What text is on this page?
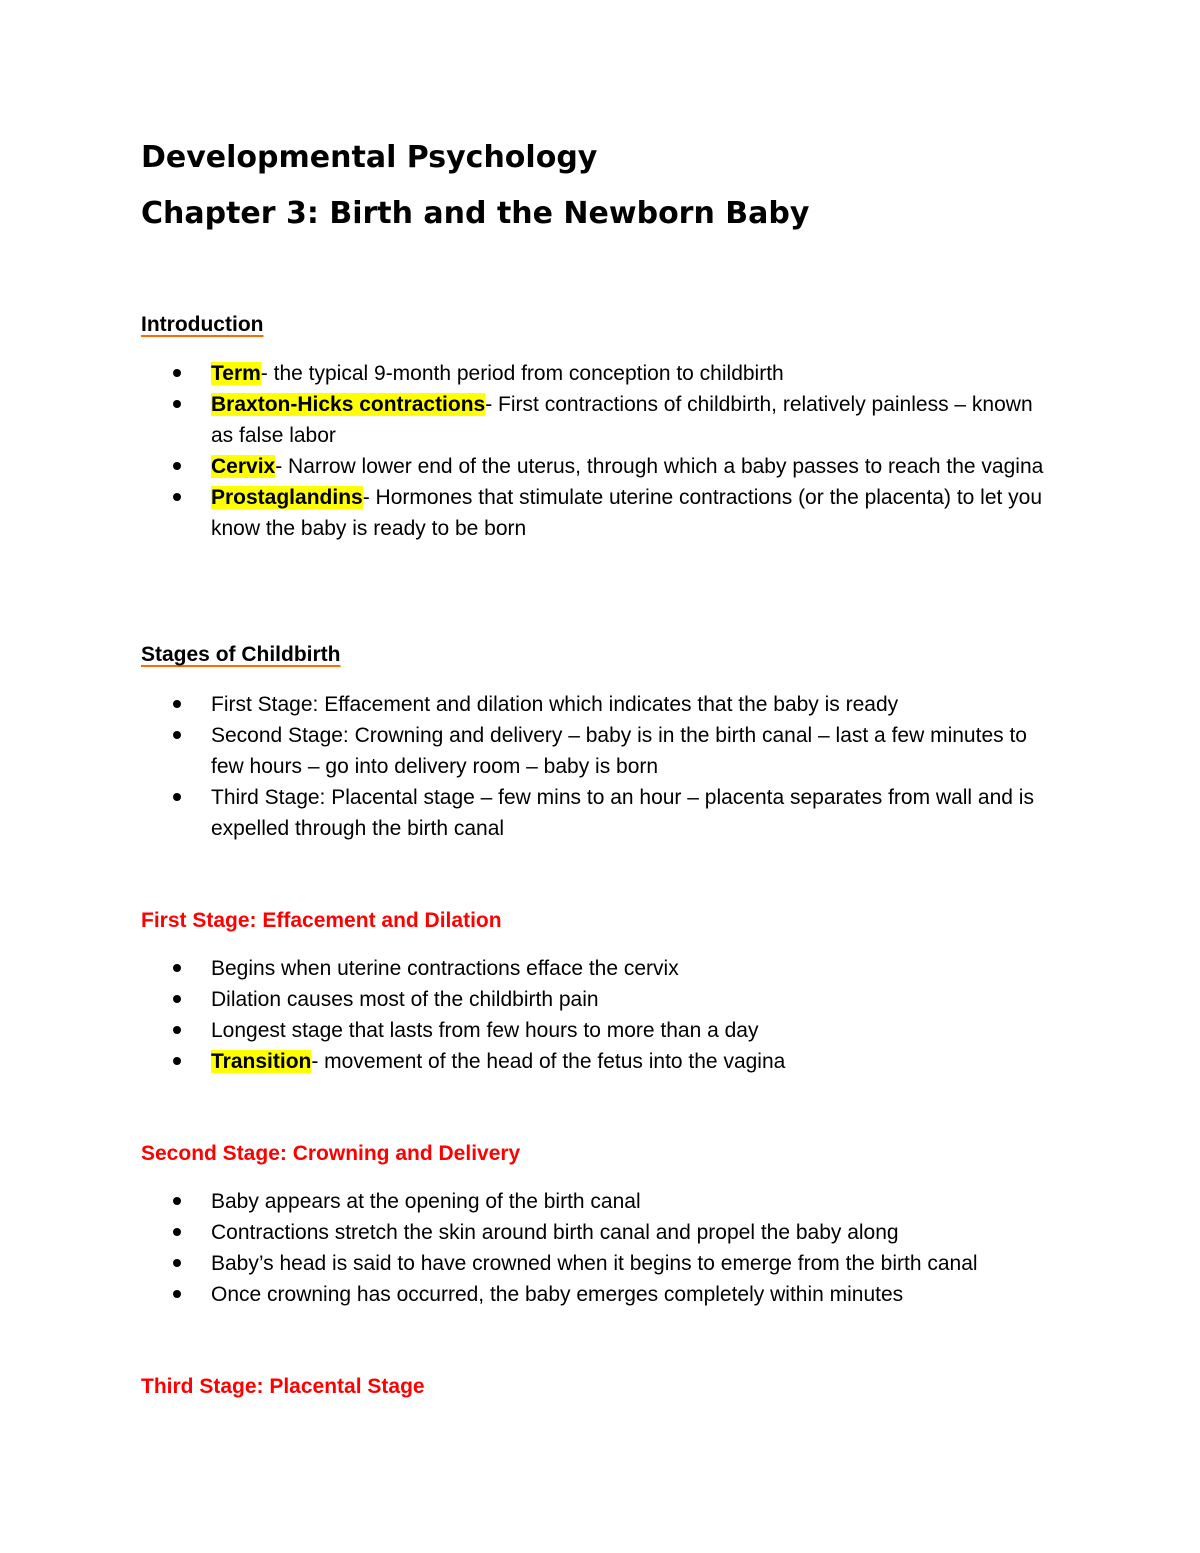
Developmental Psychology
Chapter 3: Birth and the Newborn Baby
Introduction
Term- the typical 9-month period from conception to childbirth
Braxton-Hicks contractions- First contractions of childbirth, relatively painless – known as false labor
Cervix- Narrow lower end of the uterus, through which a baby passes to reach the vagina
Prostaglandins- Hormones that stimulate uterine contractions (or the placenta) to let you know the baby is ready to be born
Stages of Childbirth
First Stage: Effacement and dilation which indicates that the baby is ready
Second Stage: Crowning and delivery – baby is in the birth canal – last a few minutes to few hours – go into delivery room – baby is born
Third Stage: Placental stage – few mins to an hour – placenta separates from wall and is expelled through the birth canal
First Stage: Effacement and Dilation
Begins when uterine contractions efface the cervix
Dilation causes most of the childbirth pain
Longest stage that lasts from few hours to more than a day
Transition- movement of the head of the fetus into the vagina
Second Stage: Crowning and Delivery
Baby appears at the opening of the birth canal
Contractions stretch the skin around birth canal and propel the baby along
Baby’s head is said to have crowned when it begins to emerge from the birth canal
Once crowning has occurred, the baby emerges completely within minutes
Third Stage: Placental Stage
